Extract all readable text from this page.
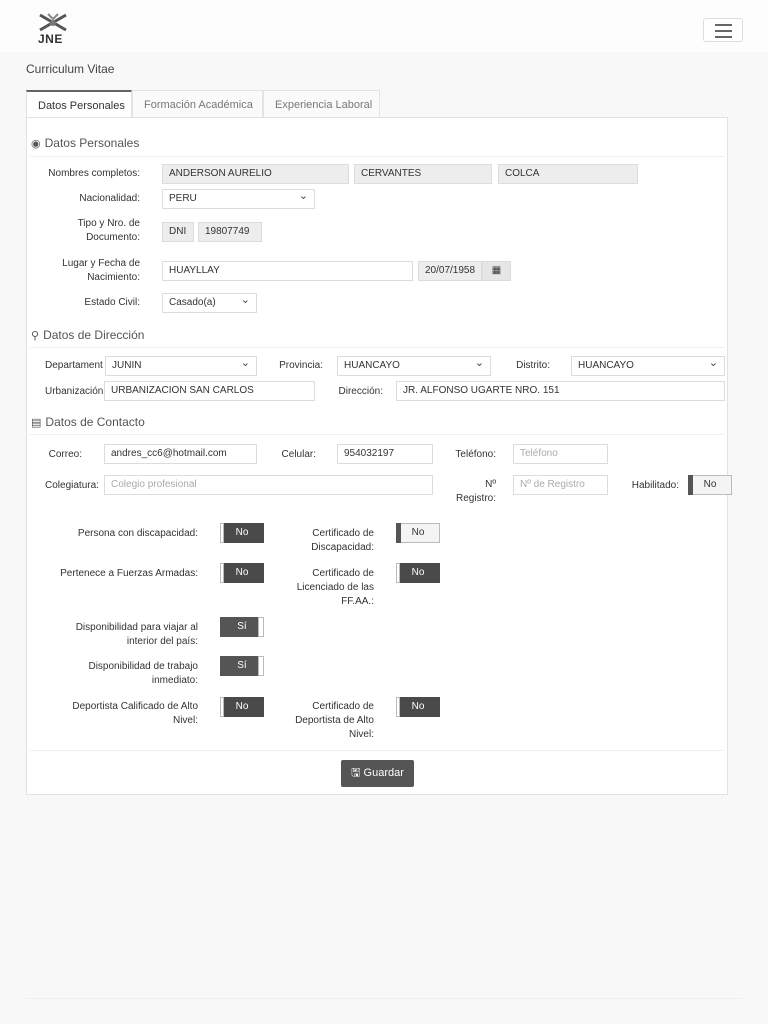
JNE
Curriculum Vitae
Datos Personales	Formación Académica	Experiencia Laboral
◉ Datos Personales
Nombres completos:	ANDERSON AURELIO	CERVANTES	COLCA
Nacionalidad:	PERU ⌄
Tipo y Nro. de
Documento:
DNI	19807749
Lugar y Fecha de
Nacimiento:
HUAYLLAY	20/07/1958	▦
Estado Civil:	Casado(a) ⌄
⚲ Datos de Dirección
Departament JUNIN ⌄	Provincia:	HUANCAYO ⌄	Distrito:	HUANCAYO ⌄
Urbanización URBANIZACION SAN CARLOS	Dirección:	JR. ALFONSO UGARTE NRO. 151
▤ Datos de Contacto
Correo:	andres_cc6@hotmail.com	Celular:	954032197	Teléfono:	Teléfono
Colegiatura:	Colegio profesional	Nº
Registro:
Nº de Registro	Habilitado:	No
Persona con discapacidad:	No	Certificado de
Discapacidad:
No
Pertenece a Fuerzas Armadas:	No	Certificado de
Licenciado de las
FF.AA.:
No
Disponibilidad para viajar al
interior del país:
Sí
Disponibilidad de trabajo
inmediato:
Sí
Deportista Calificado de Alto
Nivel:
No	Certificado de
Deportista de Alto
Nivel:
No
🖫 Guardar
